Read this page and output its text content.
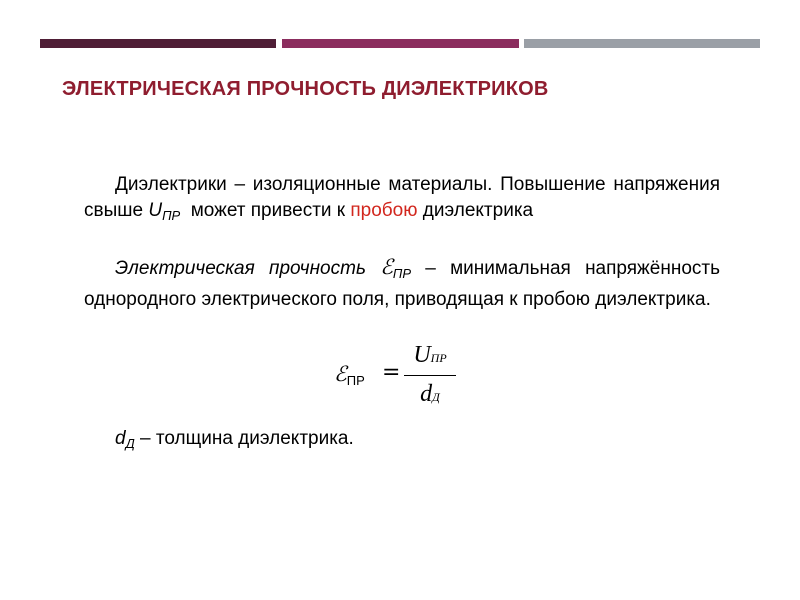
ЭЛЕКТРИЧЕСКАЯ ПРОЧНОСТЬ ДИЭЛЕКТРИКОВ
Диэлектрики – изоляционные материалы. Повышение напряжения свыше $U_{ПР}$  может привести к пробою диэлектрика
Электрическая прочность ℰ$_{ПР}$ – минимальная напряжённость однородного электрического поля, приводящая к пробою диэлектрика.
ℰ$_{ПР}$ =
UПР
dД
$d_Д$ – толщина диэлектрика.
